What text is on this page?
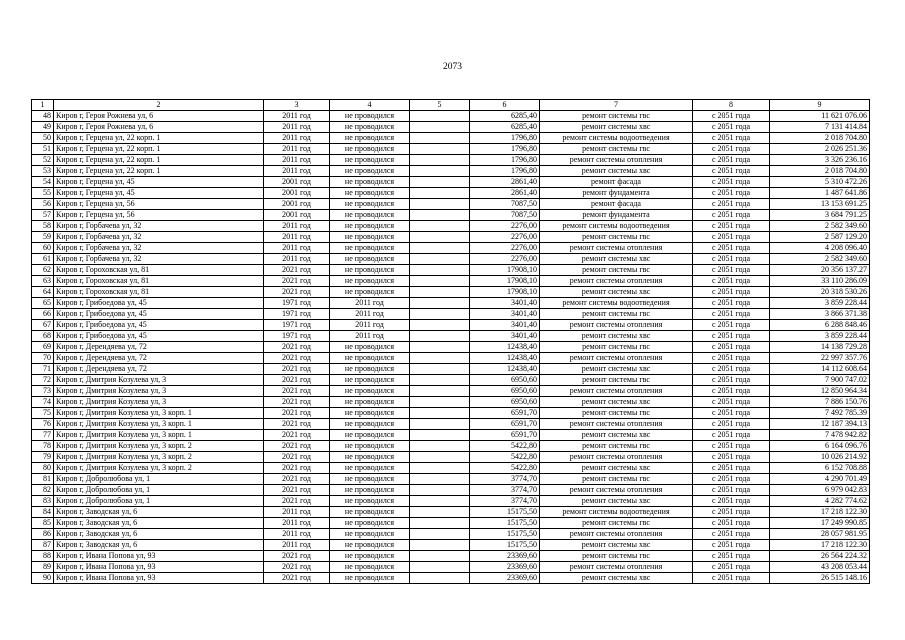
2073
1	2	3	4	5	6	7	8	9
48	Киров г, Героя Рожнева ул, 6	2011 год	не проводился		6285,40	ремонт системы гвс	с 2051 года	11 621 076.06
49	Киров г, Героя Рожнева ул, 6	2011 год	не проводился		6285,40	ремонт системы хвс	с 2051 года	7 131 414.84
50	Киров г, Герцена ул, 22 корп. 1	2011 год	не проводился		1796,80	ремонт системы водоотведения	с 2051 года	2 018 704.80
51	Киров г, Герцена ул, 22 корп. 1	2011 год	не проводился		1796,80	ремонт системы гвс	с 2051 года	2 026 251.36
52	Киров г, Герцена ул, 22 корп. 1	2011 год	не проводился		1796,80	ремонт системы отопления	с 2051 года	3 326 236.16
53	Киров г, Герцена ул, 22 корп. 1	2011 год	не проводился		1796,80	ремонт системы хвс	с 2051 года	2 018 704.80
54	Киров г, Герцена ул, 45	2001 год	не проводился		2861,40	ремонт фасада	с 2051 года	5 310 472.26
55	Киров г, Герцена ул, 45	2001 год	не проводился		2861,40	ремонт фундамента	с 2051 года	1 487 641.86
56	Киров г, Герцена ул, 56	2001 год	не проводился		7087,50	ремонт фасада	с 2051 года	13 153 691.25
57	Киров г, Герцена ул, 56	2001 год	не проводился		7087,50	ремонт фундамента	с 2051 года	3 684 791.25
58	Киров г, Горбачева ул, 32	2011 год	не проводился		2276,00	ремонт системы водоотведения	с 2051 года	2 582 349.60
59	Киров г, Горбачева ул, 32	2011 год	не проводился		2276,00	ремонт системы гвс	с 2051 года	2 587 129.20
60	Киров г, Горбачева ул, 32	2011 год	не проводился		2276,00	ремонт системы отопления	с 2051 года	4 208 096.40
61	Киров г, Горбачева ул, 32	2011 год	не проводился		2276,00	ремонт системы хвс	с 2051 года	2 582 349.60
62	Киров г, Гороховская ул, 81	2021 год	не проводился		17908,10	ремонт системы гвс	с 2051 года	20 356 137.27
63	Киров г, Гороховская ул, 81	2021 год	не проводился		17908,10	ремонт системы отопления	с 2051 года	33 110 286.09
64	Киров г, Гороховская ул, 81	2021 год	не проводился		17908,10	ремонт системы хвс	с 2051 года	20 318 530.26
65	Киров г, Грибоедова ул, 45	1971 год	2011 год		3401,40	ремонт системы водоотведения	с 2051 года	3 859 228.44
66	Киров г, Грибоедова ул, 45	1971 год	2011 год		3401,40	ремонт системы гвс	с 2051 года	3 866 371.38
67	Киров г, Грибоедова ул, 45	1971 год	2011 год		3401,40	ремонт системы отопления	с 2051 года	6 288 848.46
68	Киров г, Грибоедова ул, 45	1971 год	2011 год		3401,40	ремонт системы хвс	с 2051 года	3 859 228.44
69	Киров г, Дерендяева ул, 72	2021 год	не проводился		12438,40	ремонт системы гвс	с 2051 года	14 138 729.28
70	Киров г, Дерендяева ул, 72	2021 год	не проводился		12438,40	ремонт системы отопления	с 2051 года	22 997 357.76
71	Киров г, Дерендяева ул, 72	2021 год	не проводился		12438,40	ремонт системы хвс	с 2051 года	14 112 608.64
72	Киров г, Дмитрия Козулева ул, 3	2021 год	не проводился		6950,60	ремонт системы гвс	с 2051 года	7 900 747.02
73	Киров г, Дмитрия Козулева ул, 3	2021 год	не проводился		6950,60	ремонт системы отопления	с 2051 года	12 850 964.34
74	Киров г, Дмитрия Козулева ул, 3	2021 год	не проводился		6950,60	ремонт системы хвс	с 2051 года	7 886 150.76
75	Киров г, Дмитрия Козулева ул, 3 корп. 1	2021 год	не проводился		6591,70	ремонт системы гвс	с 2051 года	7 492 785.39
76	Киров г, Дмитрия Козулева ул, 3 корп. 1	2021 год	не проводился		6591,70	ремонт системы отопления	с 2051 года	12 187 394.13
77	Киров г, Дмитрия Козулева ул, 3 корп. 1	2021 год	не проводился		6591,70	ремонт системы хвс	с 2051 года	7 478 942.82
78	Киров г, Дмитрия Козулева ул, 3 корп. 2	2021 год	не проводился		5422,80	ремонт системы гвс	с 2051 года	6 164 096.76
79	Киров г, Дмитрия Козулева ул, 3 корп. 2	2021 год	не проводился		5422,80	ремонт системы отопления	с 2051 года	10 026 214.92
80	Киров г, Дмитрия Козулева ул, 3 корп. 2	2021 год	не проводился		5422,80	ремонт системы хвс	с 2051 года	6 152 708.88
81	Киров г, Добролюбова ул, 1	2021 год	не проводился		3774,70	ремонт системы гвс	с 2051 года	4 290 701.49
82	Киров г, Добролюбова ул, 1	2021 год	не проводился		3774,70	ремонт системы отопления	с 2051 года	6 979 042.83
83	Киров г, Добролюбова ул, 1	2021 год	не проводился		3774,70	ремонт системы хвс	с 2051 года	4 282 774.62
84	Киров г, Заводская ул, 6	2011 год	не проводился		15175,50	ремонт системы водоотведения	с 2051 года	17 218 122.30
85	Киров г, Заводская ул, 6	2011 год	не проводился		15175,50	ремонт системы гвс	с 2051 года	17 249 990.85
86	Киров г, Заводская ул, 6	2011 год	не проводился		15175,50	ремонт системы отопления	с 2051 года	28 057 981.95
87	Киров г, Заводская ул, 6	2011 год	не проводился		15175,50	ремонт системы хвс	с 2051 года	17 218 122.30
88	Киров г, Ивана Попова ул, 93	2021 год	не проводился		23369,60	ремонт системы гвс	с 2051 года	26 564 224.32
89	Киров г, Ивана Попова ул, 93	2021 год	не проводился		23369,60	ремонт системы отопления	с 2051 года	43 208 053.44
90	Киров г, Ивана Попова ул, 93	2021 год	не проводился		23369,60	ремонт системы хвс	с 2051 года	26 515 148.16
